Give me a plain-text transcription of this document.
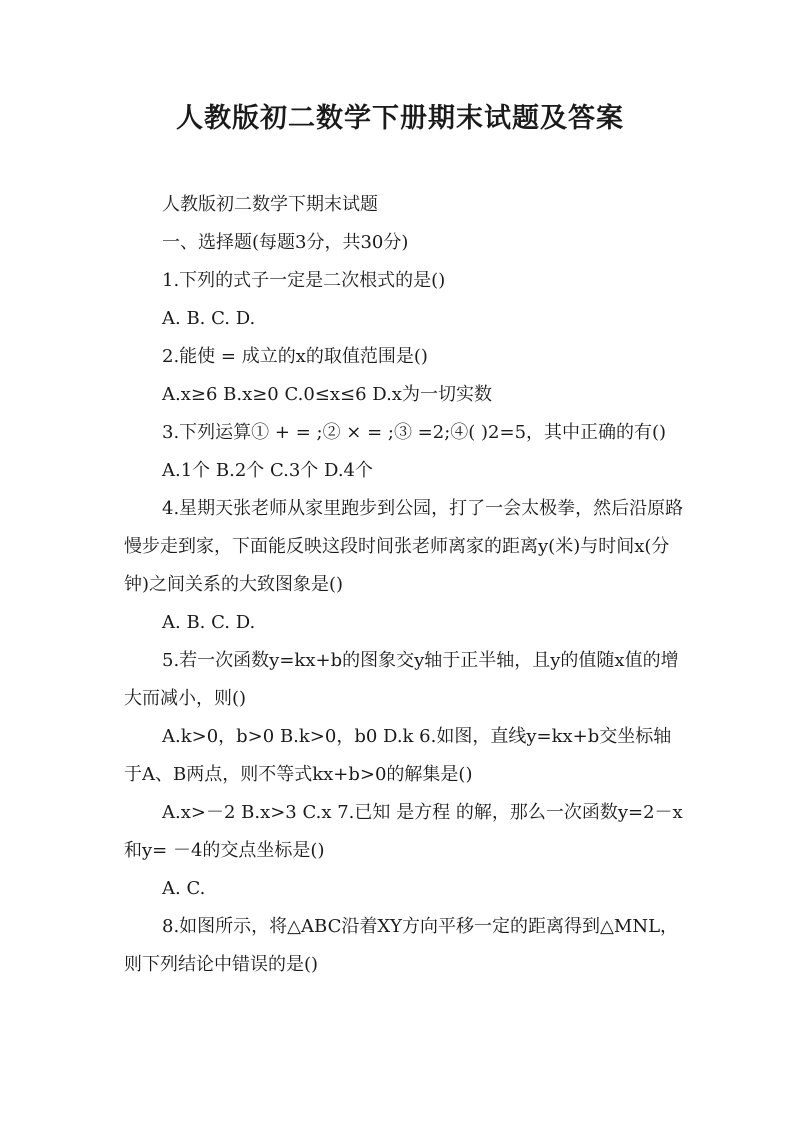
人教版初二数学下册期末试题及答案

人教版初二数学下期末试题

一、选择题(每题3分，共30分)

1.下列的式子一定是二次根式的是()

A. B. C. D.

2.能使 = 成立的x的取值范围是()

A.x≥6 B.x≥0 C.0≤x≤6 D.x为一切实数

3.下列运算① + = ;② × = ;③ =2;④( )2=5，其中正确的有()

A.1个 B.2个 C.3个 D.4个

4.星期天张老师从家里跑步到公园，打了一会太极拳，然后沿原路慢步走到家，下面能反映这段时间张老师离家的距离y(米)与时间x(分钟)之间关系的大致图象是()

A. B. C. D.

5.若一次函数y=kx+b的图象交y轴于正半轴，且y的值随x值的增大而减小，则()

A.k>0，b>0 B.k>0，b0 D.k 6.如图，直线y=kx+b交坐标轴于A、B两点，则不等式kx+b>0的解集是()

A.x>－2 B.x>3 C.x 7.已知 是方程 的解，那么一次函数y=2－x和y= －4的交点坐标是()

A. C.

8.如图所示，将△ABC沿着XY方向平移一定的距离得到△MNL，则下列结论中错误的是()
